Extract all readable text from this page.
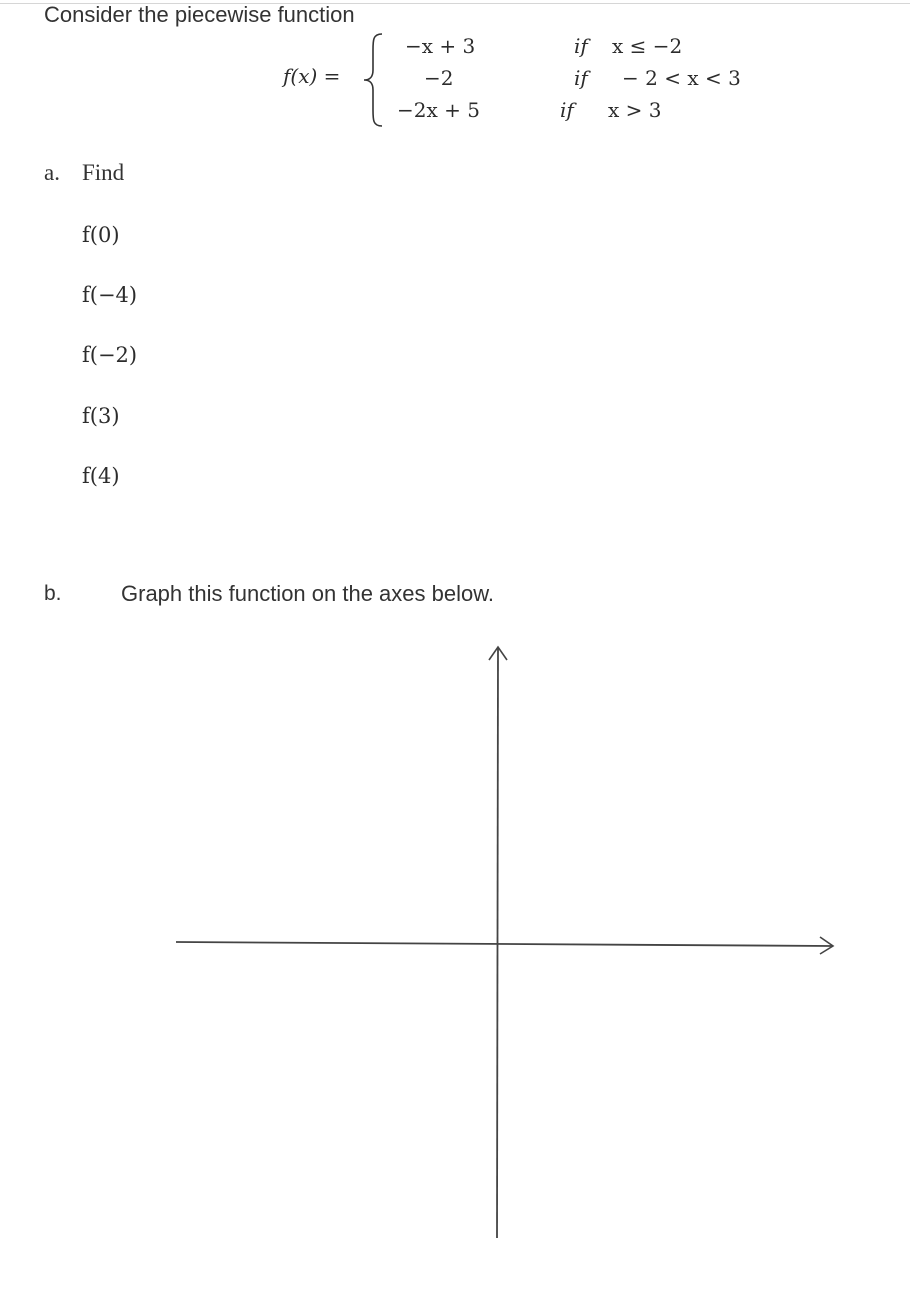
Consider the piecewise function
f(x) =
−x + 3
−2
−2x + 5
if x ≤ −2
if − 2 < x < 3
if x > 3
a. Find
f(0)
f(−4)
f(−2)
f(3)
f(4)
b.	Graph this function on the axes below.
